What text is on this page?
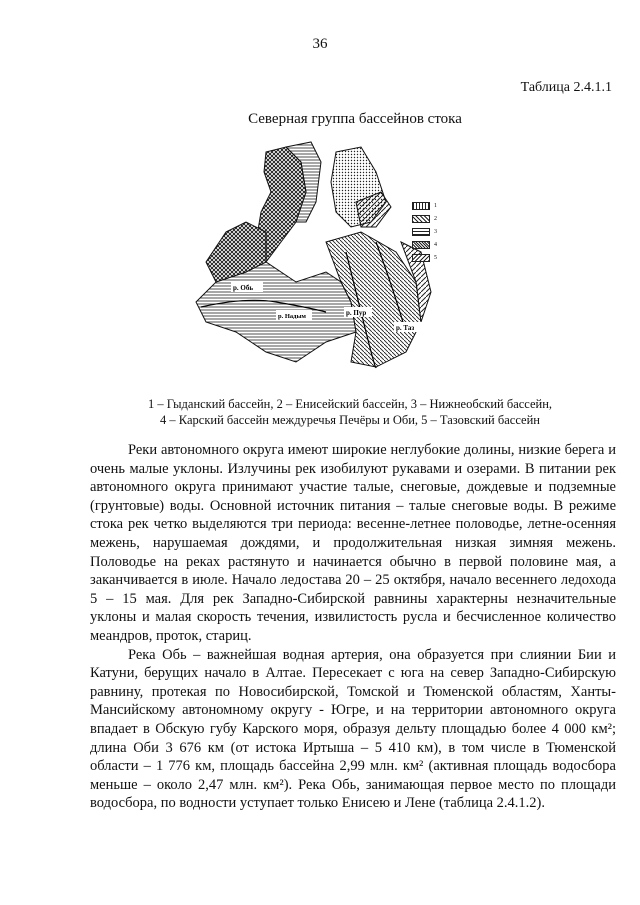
36
Таблица 2.4.1.1
Северная группа бассейнов стока
р. Обь
р. Надым	р. Пур
р. Таз
1
2
3
4
5
1 – Гыданский бассейн, 2 – Енисейский бассейн, 3 – Нижнеобский бассейн,
4 – Карский бассейн междуречья Печёры и Оби, 5 – Тазовский бассейн

Реки автономного округа имеют широкие неглубокие долины, низкие берега и очень малые уклоны. Излучины рек изобилуют рукавами и озерами. В питании рек автономного округа принимают участие талые, снеговые, дождевые и подземные (грунтовые) воды. Основной источник питания – талые снеговые воды. В режиме стока рек четко выделяются три периода: весенне-летнее половодье, летне-осенняя межень, нарушаемая дождями, и продолжительная низкая зимняя межень. Половодье на реках растянуто и начинается обычно в первой половине мая, а заканчивается в июле. Начало ледостава 20 – 25 октября, начало весеннего ледохода 5 – 15 мая. Для рек Западно-Сибирской равнины характерны незначительные уклоны и малая скорость течения, извилистость русла и бесчисленное количество меандров, проток, стариц.

Река Обь – важнейшая водная артерия, она образуется при слиянии Бии и Катуни, берущих начало в Алтае. Пересекает с юга на север Западно-Сибирскую равнину, протекая по Новосибирской, Томской и Тюменской областям, Ханты-Мансийскому автономному округу - Югре, и на территории автономного округа впадает в Обскую губу Карского моря, образуя дельту площадью более 4 000 км²; длина Оби 3 676 км (от истока Иртыша – 5 410 км), в том числе в Тюменской области – 1 776 км, площадь бассейна 2,99 млн. км² (активная площадь водосбора меньше – около 2,47 млн. км²). Река Обь, занимающая первое место по площади водосбора, по водности уступает только Енисею и Лене (таблица 2.4.1.2).
